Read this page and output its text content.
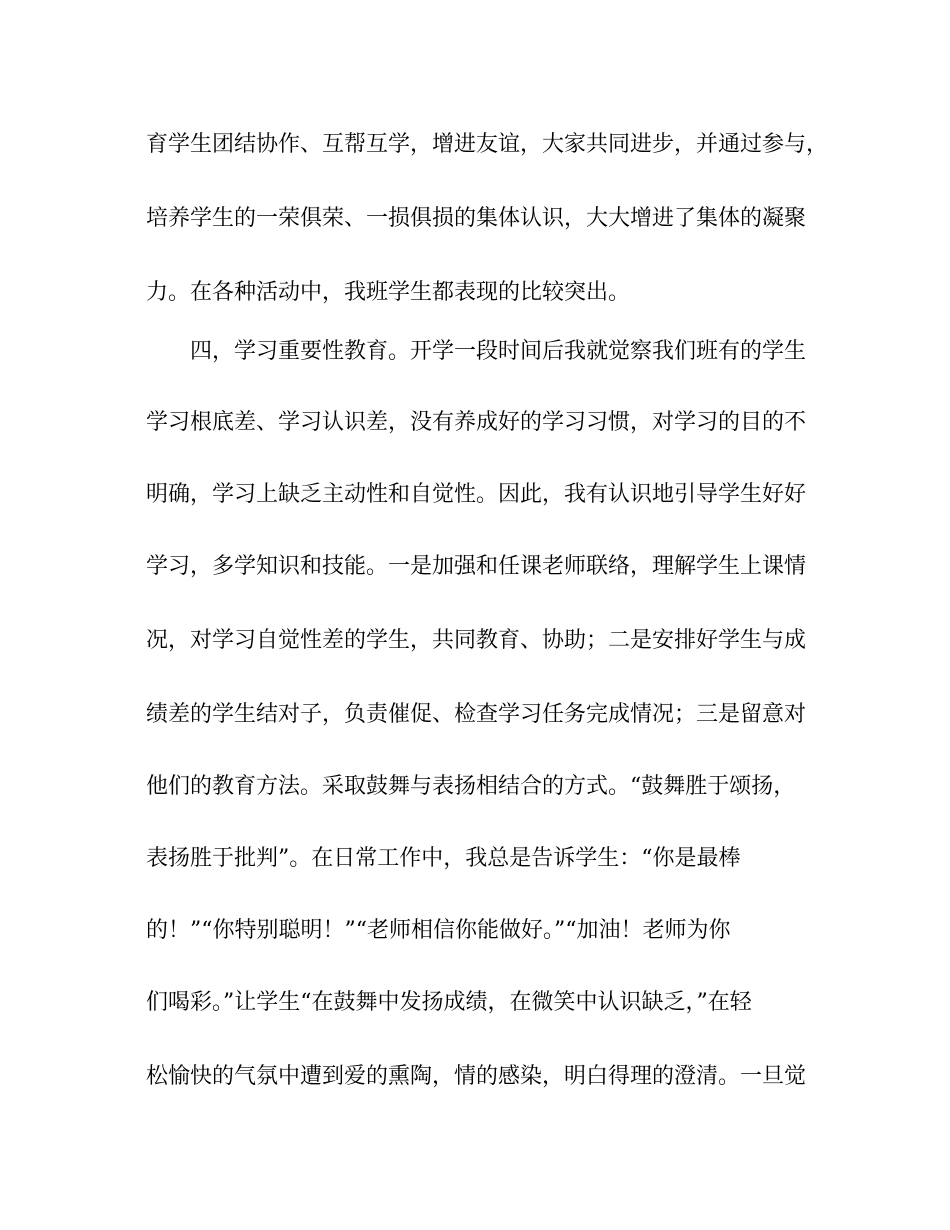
育学生团结协作、互帮互学，增进友谊，大家共同进步，并通过参与，
培养学生的一荣俱荣、一损俱损的集体认识，大大增进了集体的凝聚
力。在各种活动中，我班学生都表现的比较突出。
四，学习重要性教育。开学一段时间后我就觉察我们班有的学生
学习根底差、学习认识差，没有养成好的学习习惯，对学习的目的不
明确，学习上缺乏主动性和自觉性。因此，我有认识地引导学生好好
学习，多学知识和技能。一是加强和任课老师联络，理解学生上课情
况，对学习自觉性差的学生，共同教育、协助；二是安排好学生与成
绩差的学生结对子，负责催促、检查学习任务完成情况；三是留意对
他们的教育方法。采取鼓舞与表扬相结合的方式。“鼓舞胜于颂扬，
表扬胜于批判”。在日常工作中，我总是告诉学生：“你是最棒
的！”“你特别聪明！”“老师相信你能做好。”“加油！老师为你
们喝彩。”让学生“在鼓舞中发扬成绩，在微笑中认识缺乏，”在轻
松愉快的气氛中遭到爱的熏陶，情的感染，明白得理的澄清。一旦觉
